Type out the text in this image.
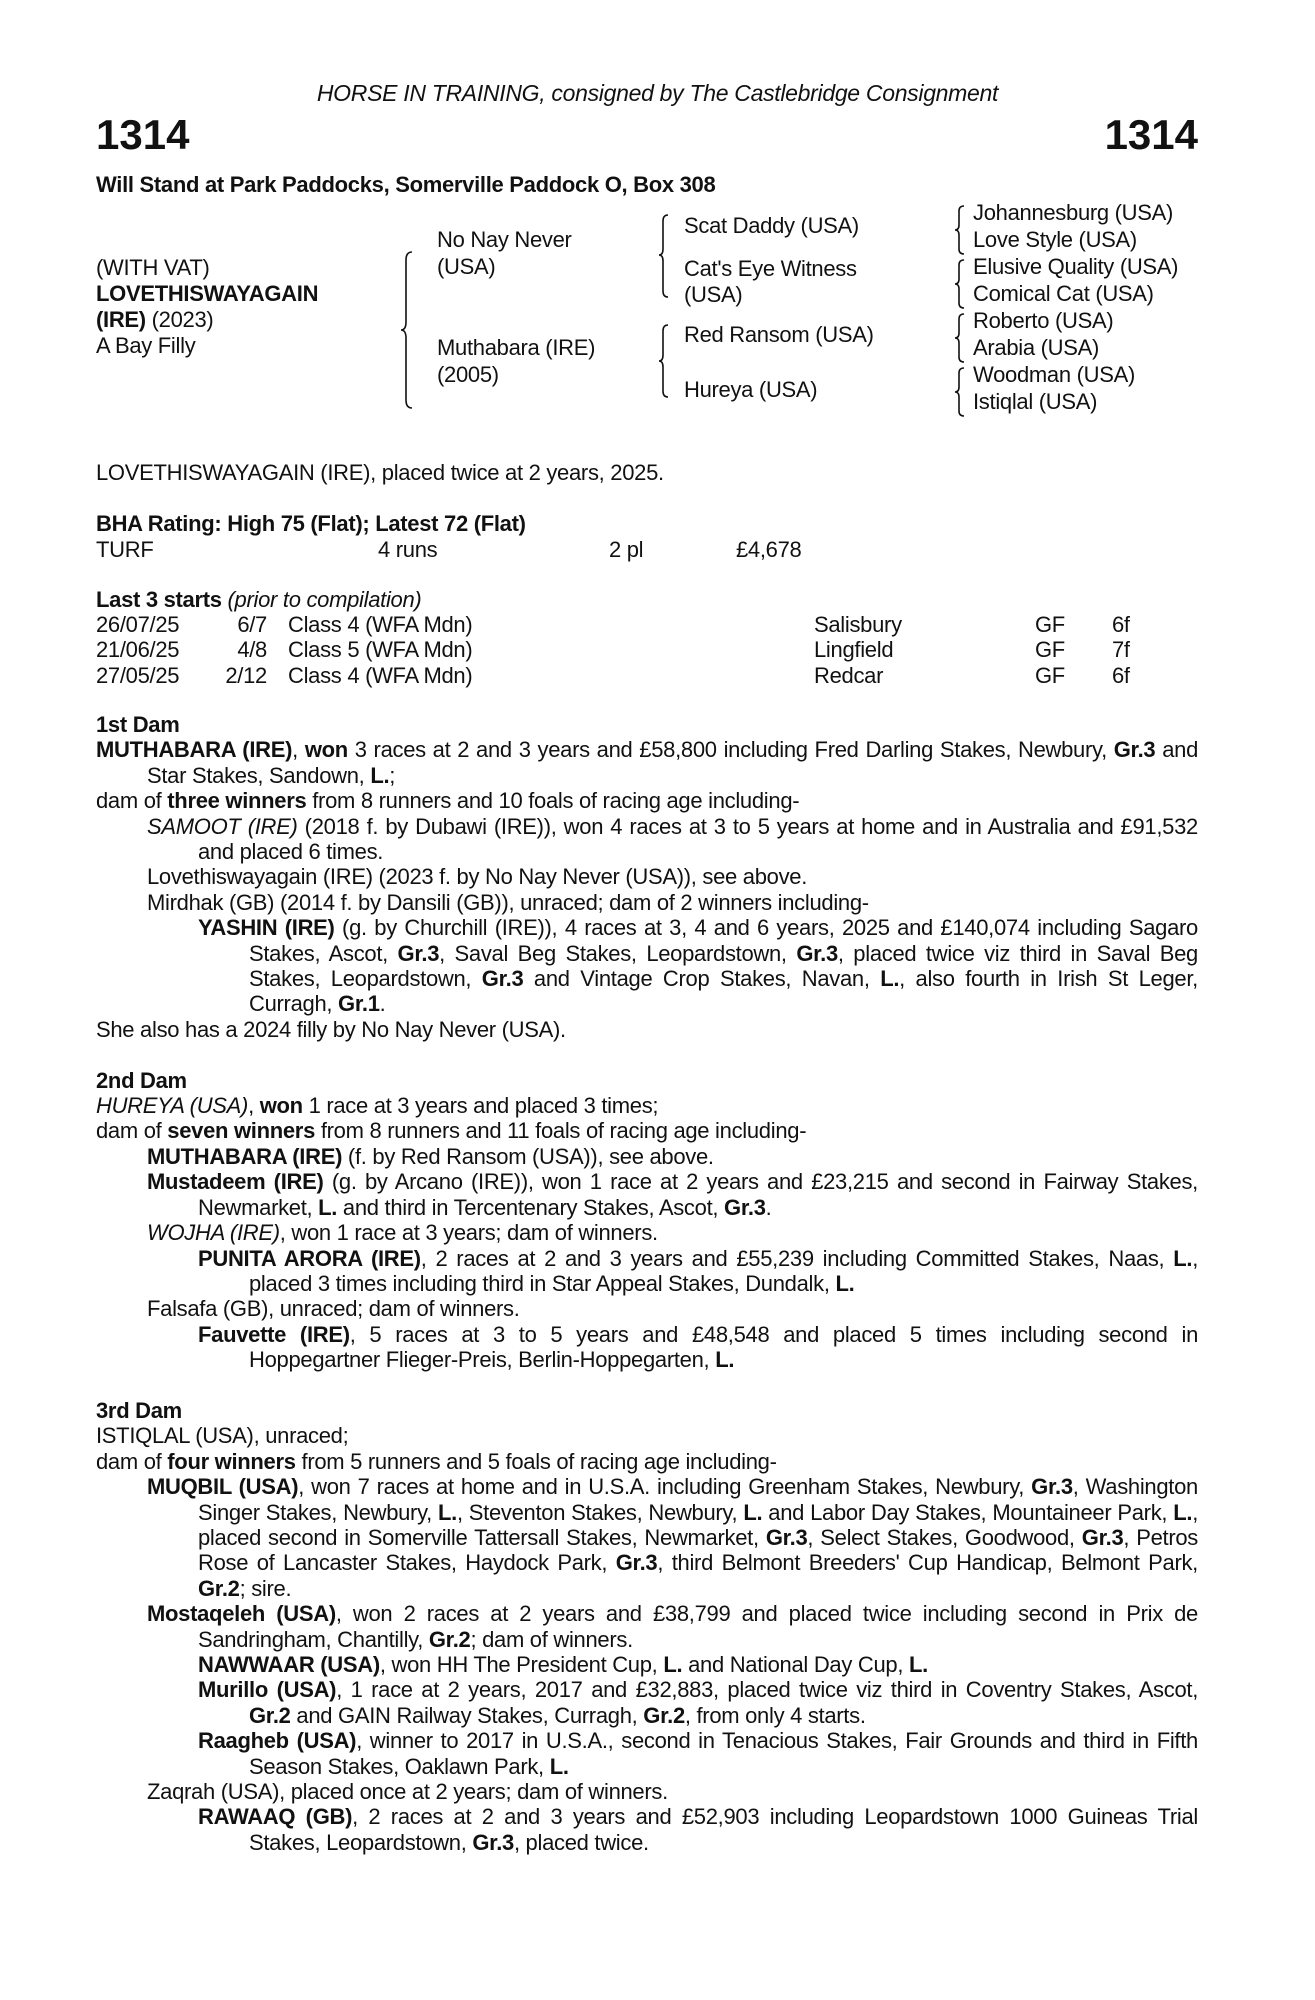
HORSE IN TRAINING, consigned by The Castlebridge Consignment
1314	1314
Will Stand at Park Paddocks, Somerville Paddock O, Box 308
(WITH VAT)
LOVETHISWAYAGAIN
(IRE) (2023)
A Bay Filly
No Nay Never
(USA)
Muthabara (IRE)
(2005)
Scat Daddy (USA)
Cat's Eye Witness
(USA)
Red Ransom (USA)
Hureya (USA)
Johannesburg (USA)
Love Style (USA)
Elusive Quality (USA)
Comical Cat (USA)
Roberto (USA)
Arabia (USA)
Woodman (USA)
Istiqlal (USA)
LOVETHISWAYAGAIN (IRE), placed twice at 2 years, 2025.
BHA Rating: High 75 (Flat); Latest 72 (Flat)
TURF	4 runs	2 pl	£4,678
Last 3 starts (prior to compilation)
26/07/25	6/7 Class 4 (WFA Mdn)	Salisbury	GF 6f
21/06/25	4/8 Class 5 (WFA Mdn)	Lingfield	GF 7f
27/05/25 2/12 Class 4 (WFA Mdn)	Redcar	GF 6f
1st Dam
MUTHABARA (IRE), won 3 races at 2 and 3 years and £58,800 including Fred Darling Stakes, Newbury, Gr.3 and Star Stakes, Sandown, L.;
dam of three winners from 8 runners and 10 foals of racing age including-
SAMOOT (IRE) (2018 f. by Dubawi (IRE)), won 4 races at 3 to 5 years at home and in Australia and £91,532 and placed 6 times.
Lovethiswayagain (IRE) (2023 f. by No Nay Never (USA)), see above.
Mirdhak (GB) (2014 f. by Dansili (GB)), unraced; dam of 2 winners including-
YASHIN (IRE) (g. by Churchill (IRE)), 4 races at 3, 4 and 6 years, 2025 and £140,074 including Sagaro Stakes, Ascot, Gr.3, Saval Beg Stakes, Leopardstown, Gr.3, placed twice viz third in Saval Beg Stakes, Leopardstown, Gr.3 and Vintage Crop Stakes, Navan, L., also fourth in Irish St Leger, Curragh, Gr.1.
She also has a 2024 filly by No Nay Never (USA).
2nd Dam
HUREYA (USA), won 1 race at 3 years and placed 3 times;
dam of seven winners from 8 runners and 11 foals of racing age including-
MUTHABARA (IRE) (f. by Red Ransom (USA)), see above.
Mustadeem (IRE) (g. by Arcano (IRE)), won 1 race at 2 years and £23,215 and second in Fairway Stakes, Newmarket, L. and third in Tercentenary Stakes, Ascot, Gr.3.
WOJHA (IRE), won 1 race at 3 years; dam of winners.
PUNITA ARORA (IRE), 2 races at 2 and 3 years and £55,239 including Committed Stakes, Naas, L., placed 3 times including third in Star Appeal Stakes, Dundalk, L.
Falsafa (GB), unraced; dam of winners.
Fauvette (IRE), 5 races at 3 to 5 years and £48,548 and placed 5 times including second in Hoppegartner Flieger-Preis, Berlin-Hoppegarten, L.
3rd Dam
ISTIQLAL (USA), unraced;
dam of four winners from 5 runners and 5 foals of racing age including-
MUQBIL (USA), won 7 races at home and in U.S.A. including Greenham Stakes, Newbury, Gr.3, Washington Singer Stakes, Newbury, L., Steventon Stakes, Newbury, L. and Labor Day Stakes, Mountaineer Park, L., placed second in Somerville Tattersall Stakes, Newmarket, Gr.3, Select Stakes, Goodwood, Gr.3, Petros Rose of Lancaster Stakes, Haydock Park, Gr.3, third Belmont Breeders' Cup Handicap, Belmont Park, Gr.2; sire.
Mostaqeleh (USA), won 2 races at 2 years and £38,799 and placed twice including second in Prix de Sandringham, Chantilly, Gr.2; dam of winners.
NAWWAAR (USA), won HH The President Cup, L. and National Day Cup, L.
Murillo (USA), 1 race at 2 years, 2017 and £32,883, placed twice viz third in Coventry Stakes, Ascot, Gr.2 and GAIN Railway Stakes, Curragh, Gr.2, from only 4 starts.
Raagheb (USA), winner to 2017 in U.S.A., second in Tenacious Stakes, Fair Grounds and third in Fifth Season Stakes, Oaklawn Park, L.
Zaqrah (USA), placed once at 2 years; dam of winners.
RAWAAQ (GB), 2 races at 2 and 3 years and £52,903 including Leopardstown 1000 Guineas Trial Stakes, Leopardstown, Gr.3, placed twice.
